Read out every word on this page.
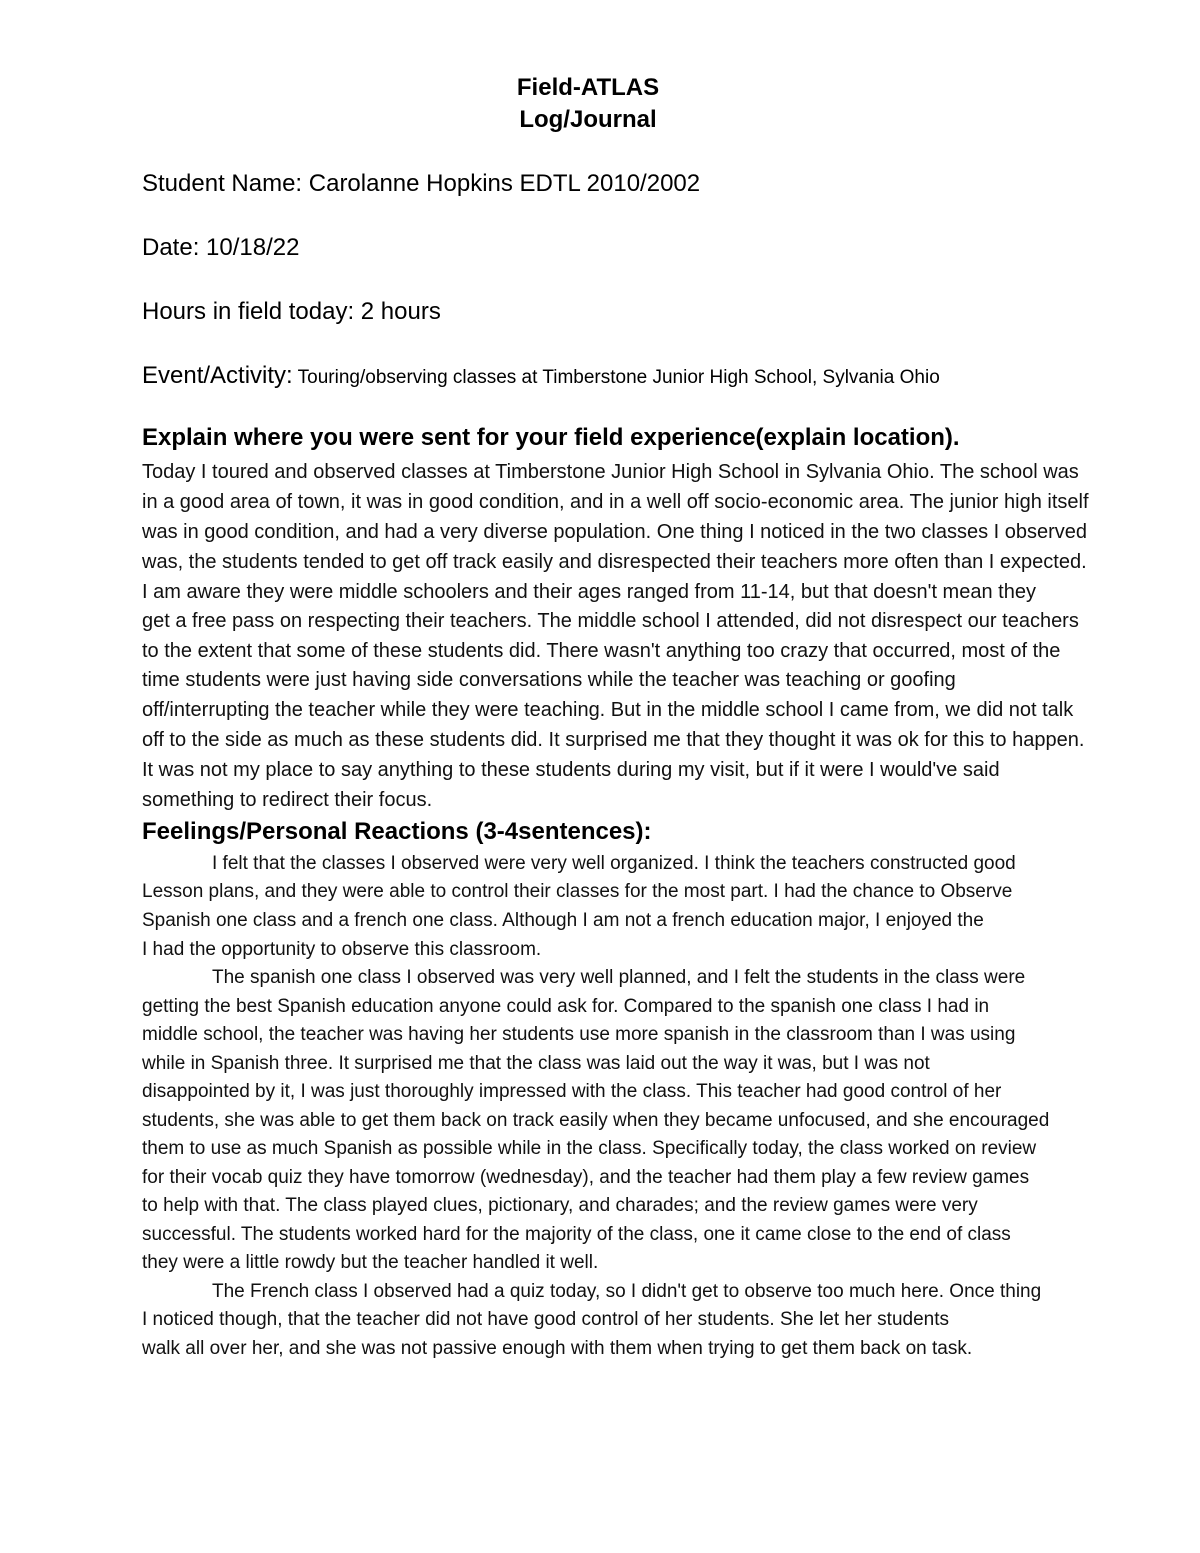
Field-ATLAS
Log/Journal
Student Name: Carolanne Hopkins EDTL 2010/2002
Date: 10/18/22
Hours in field today: 2 hours
Event/Activity: Touring/observing classes at Timberstone Junior High School, Sylvania Ohio
Explain where you were sent for your field experience(explain location).
Today I toured and observed classes at Timberstone Junior High School in Sylvania Ohio. The school was
in a good area of town, it was in good condition, and in a well off socio-economic area. The junior high itself
was in good condition, and had a very diverse population. One thing I noticed in the two classes I observed
was, the students tended to get off track easily and disrespected their teachers more often than I expected.
I am aware they were middle schoolers and their ages ranged from 11-14, but that doesn't mean they
get a free pass on respecting their teachers. The middle school I attended, did not disrespect our teachers
to the extent that some of these students did. There wasn't anything too crazy that occurred, most of the
time students were just having side conversations while the teacher was teaching or goofing
off/interrupting the teacher while they were teaching. But in the middle school I came from, we did not talk
off to the side as much as these students did. It surprised me that they thought it was ok for this to happen.
It was not my place to say anything to these students during my visit, but if it were I would've said
something to redirect their focus.
Feelings/Personal Reactions (3-4sentences):
I felt that the classes I observed were very well organized. I think the teachers constructed good
Lesson plans, and they were able to control their classes for the most part. I had the chance to Observe
Spanish one class and a french one class. Although I am not a french education major, I enjoyed the
I had the opportunity to observe this classroom.
The spanish one class I observed was very well planned, and I felt the students in the class were
getting the best Spanish education anyone could ask for. Compared to the spanish one class I had in
middle school, the teacher was having her students use more spanish in the classroom than I was using
while in Spanish three. It surprised me that the class was laid out the way it was, but I was not
disappointed by it, I was just thoroughly impressed with the class. This teacher had good control of her
students, she was able to get them back on track easily when they became unfocused, and she encouraged
them to use as much Spanish as possible while in the class. Specifically today, the class worked on review
for their vocab quiz they have tomorrow (wednesday), and the teacher had them play a few review games
to help with that. The class played clues, pictionary, and charades; and the review games were very
successful. The students worked hard for the majority of the class, one it came close to the end of class
they were a little rowdy but the teacher handled it well.
The French class I observed had a quiz today, so I didn't get to observe too much here. Once thing
I noticed though, that the teacher did not have good control of her students. She let her students
walk all over her, and she was not passive enough with them when trying to get them back on task.
